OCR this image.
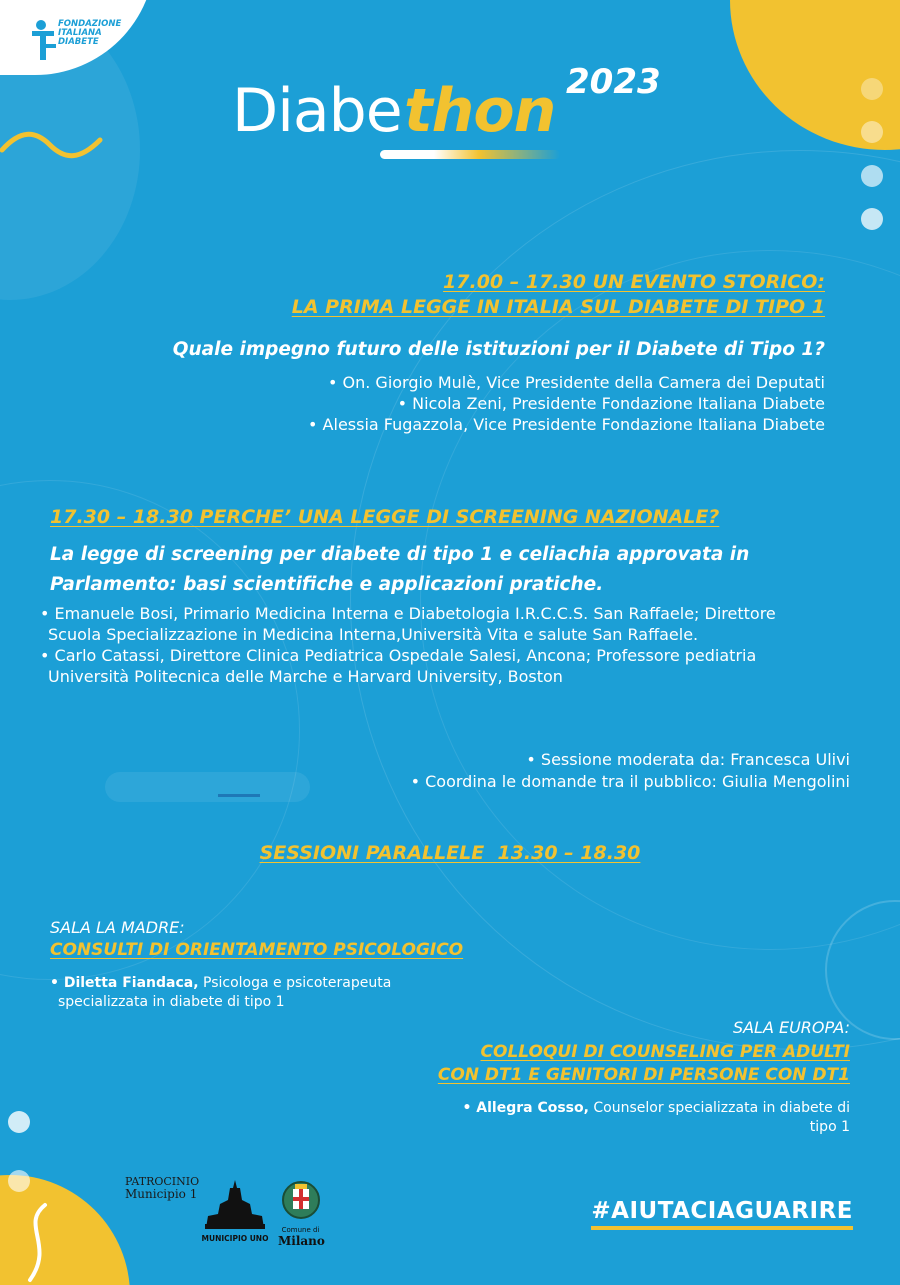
FONDAZIONE
ITALIANA
DIABETE
Diabe thon 2023
17.00 – 17.30 UN EVENTO STORICO:
LA PRIMA LEGGE IN ITALIA SUL DIABETE DI TIPO 1
Quale impegno futuro delle istituzioni per il Diabete di Tipo 1?
• On. Giorgio Mulè, Vice Presidente della Camera dei Deputati
• Nicola Zeni, Presidente Fondazione Italiana Diabete
• Alessia Fugazzola, Vice Presidente Fondazione Italiana Diabete
17.30 – 18.30 PERCHE’ UNA LEGGE DI SCREENING NAZIONALE?
La legge di screening per diabete di tipo 1 e celiachia approvata in
Parlamento: basi scientifiche e applicazioni pratiche.
• Emanuele Bosi, Primario Medicina Interna e Diabetologia I.R.C.C.S. San Raffaele; Direttore
Scuola Specializzazione in Medicina Interna,Università Vita e salute San Raffaele.
• Carlo Catassi, Direttore Clinica Pediatrica Ospedale Salesi, Ancona; Professore pediatria
Università Politecnica delle Marche e Harvard University, Boston
• Sessione moderata da: Francesca Ulivi
• Coordina le domande tra il pubblico: Giulia Mengolini
SESSIONI PARALLELE  13.30 – 18.30
SALA LA MADRE:
CONSULTI DI ORIENTAMENTO PSICOLOGICO
• Diletta Fiandaca, Psicologa e psicoterapeuta
specializzata in diabete di tipo 1
SALA EUROPA:
COLLOQUI DI COUNSELING PER ADULTI
CON DT1 E GENITORI DI PERSONE CON DT1
• Allegra Cosso, Counselor specializzata in diabete di
tipo 1
PATROCINIO
Municipio 1
MUNICIPIO UNO
Comune di
Milano
#AIUTACIAGUARIRE
